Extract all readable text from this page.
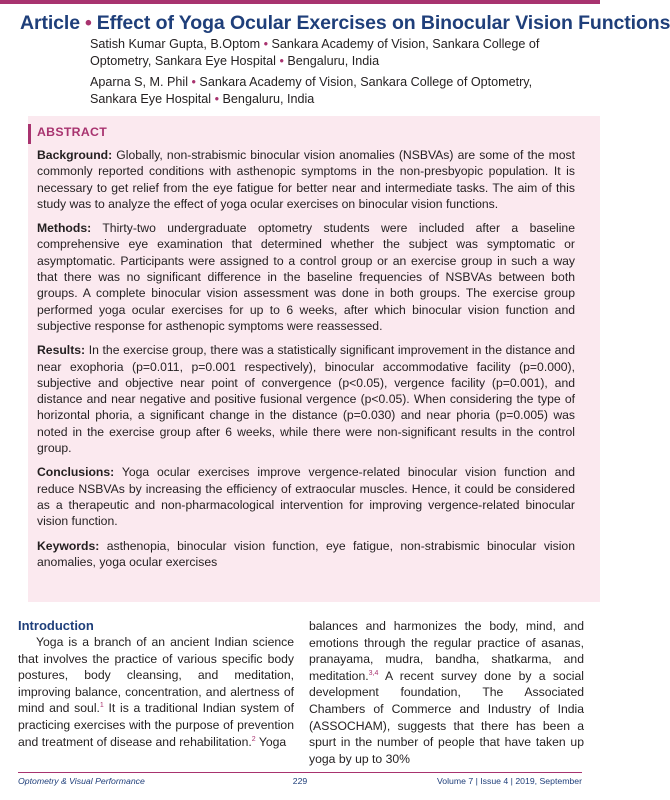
Article • Effect of Yoga Ocular Exercises on Binocular Vision Functions
Satish Kumar Gupta, B.Optom • Sankara Academy of Vision, Sankara College of Optometry, Sankara Eye Hospital • Bengaluru, India
Aparna S, M. Phil • Sankara Academy of Vision, Sankara College of Optometry, Sankara Eye Hospital • Bengaluru, India
ABSTRACT
Background: Globally, non-strabismic binocular vision anomalies (NSBVAs) are some of the most commonly reported conditions with asthenopic symptoms in the non-presbyopic population. It is necessary to get relief from the eye fatigue for better near and intermediate tasks. The aim of this study was to analyze the effect of yoga ocular exercises on binocular vision functions.
Methods: Thirty-two undergraduate optometry students were included after a baseline comprehensive eye examination that determined whether the subject was symptomatic or asymptomatic. Participants were assigned to a control group or an exercise group in such a way that there was no significant difference in the baseline frequencies of NSBVAs between both groups. A complete binocular vision assessment was done in both groups. The exercise group performed yoga ocular exercises for up to 6 weeks, after which binocular vision function and subjective response for asthenopic symptoms were reassessed.
Results: In the exercise group, there was a statistically significant improvement in the distance and near exophoria (p=0.011, p=0.001 respectively), binocular accommodative facility (p=0.000), subjective and objective near point of convergence (p<0.05), vergence facility (p=0.001), and distance and near negative and positive fusional vergence (p<0.05). When considering the type of horizontal phoria, a significant change in the distance (p=0.030) and near phoria (p=0.005) was noted in the exercise group after 6 weeks, while there were non-significant results in the control group.
Conclusions: Yoga ocular exercises improve vergence-related binocular vision function and reduce NSBVAs by increasing the efficiency of extraocular muscles. Hence, it could be considered as a therapeutic and non-pharmacological intervention for improving vergence-related binocular vision function.
Keywords: asthenopia, binocular vision function, eye fatigue, non-strabismic binocular vision anomalies, yoga ocular exercises
Introduction
Yoga is a branch of an ancient Indian science that involves the practice of various specific body postures, body cleansing, and meditation, improving balance, concentration, and alertness of mind and soul.$^1$ It is a traditional Indian system of practicing exercises with the purpose of prevention and treatment of disease and rehabilitation.$^2$ Yoga
balances and harmonizes the body, mind, and emotions through the regular practice of asanas, pranayama, mudra, bandha, shatkarma, and meditation.$^{3,4}$ A recent survey done by a social development foundation, The Associated Chambers of Commerce and Industry of India (ASSOCHAM), suggests that there has been a spurt in the number of people that have taken up yoga by up to 30%
Optometry & Visual Performance	229	Volume 7 | Issue 4 | 2019, September
